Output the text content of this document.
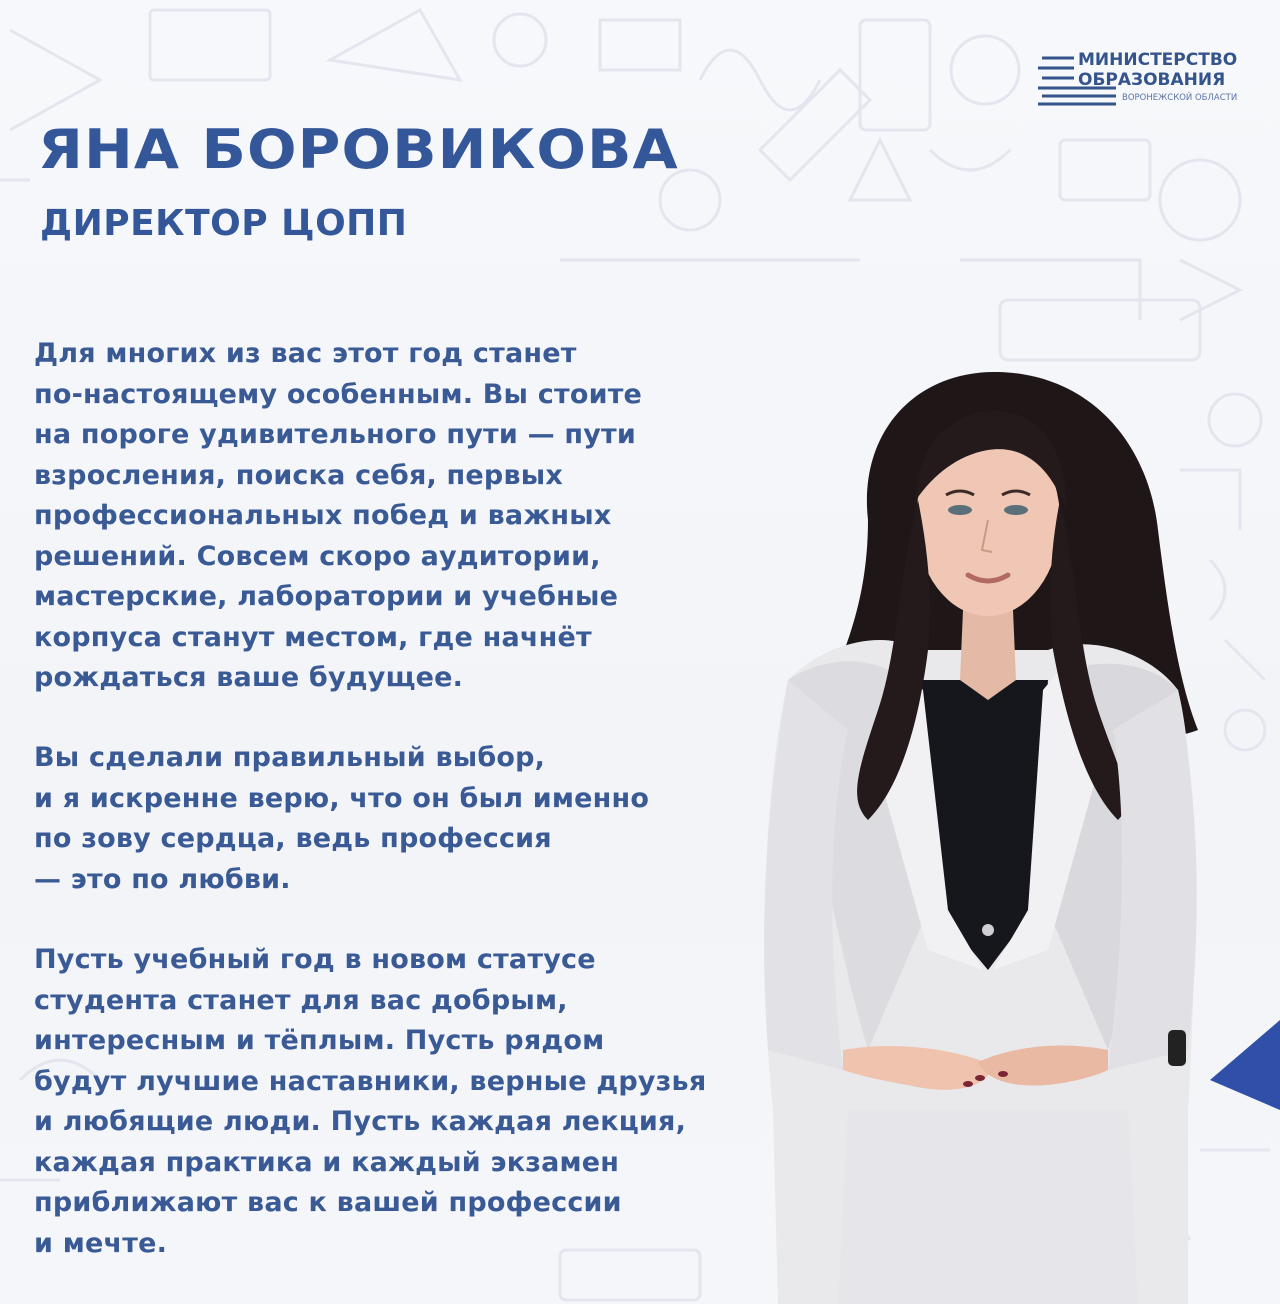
МИНИСТЕРСТВО
ОБРАЗОВАНИЯ
ВОРОНЕЖСКОЙ ОБЛАСТИ
ЯНА БОРОВИКОВА
ДИРЕКТОР ЦОПП
Для многих из вас этот год станет
по-настоящему особенным. Вы стоите
на пороге удивительного пути — пути
взросления, поиска себя, первых
профессиональных побед и важных
решений. Совсем скоро аудитории,
мастерские, лаборатории и учебные
корпуса станут местом, где начнёт
рождаться ваше будущее.
Вы сделали правильный выбор,
и я искренне верю, что он был именно
по зову сердца, ведь профессия
— это по любви.
Пусть учебный год в новом статусе
студента станет для вас добрым,
интересным и тёплым. Пусть рядом
будут лучшие наставники, верные друзья
и любящие люди. Пусть каждая лекция,
каждая практика и каждый экзамен
приближают вас к вашей профессии
и мечте.
